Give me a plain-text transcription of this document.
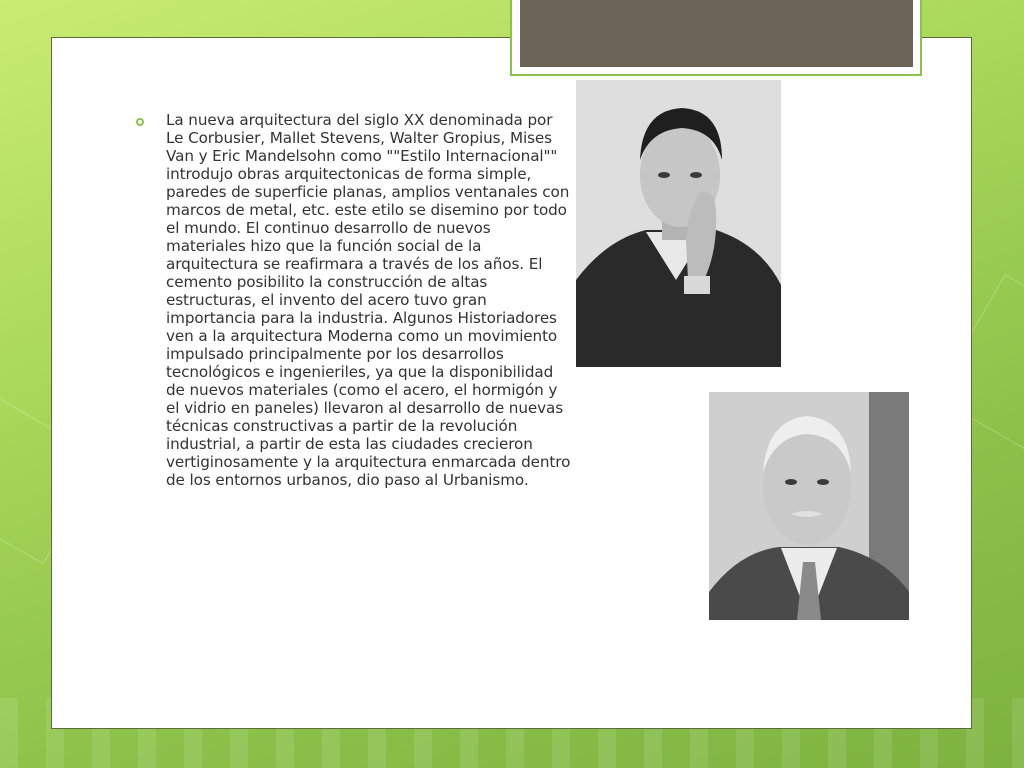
La nueva arquitectura del siglo XX denominada por Le Corbusier, Mallet Stevens, Walter Gropius, Mises Van y Eric Mandelsohn como ""Estilo Internacional"" introdujo obras arquitectonicas de forma simple, paredes de superficie planas, amplios ventanales con marcos de metal, etc. este etilo se disemino por todo el mundo. El continuo desarrollo de nuevos materiales hizo que la función social de la arquitectura se reafirmara a través de los años. El cemento posibilito la construcción de altas estructuras, el invento del acero tuvo gran importancia para la industria. Algunos Historiadores ven a la arquitectura Moderna como un movimiento impulsado principalmente por los desarrollos tecnológicos e ingenieriles, ya que la disponibilidad de nuevos materiales (como el acero, el hormigón y el vidrio en paneles) llevaron al desarrollo de nuevas técnicas constructivas a partir de la revolución industrial, a partir de esta las ciudades crecieron vertiginosamente y la arquitectura enmarcada dentro de los entornos urbanos, dio paso al Urbanismo.
